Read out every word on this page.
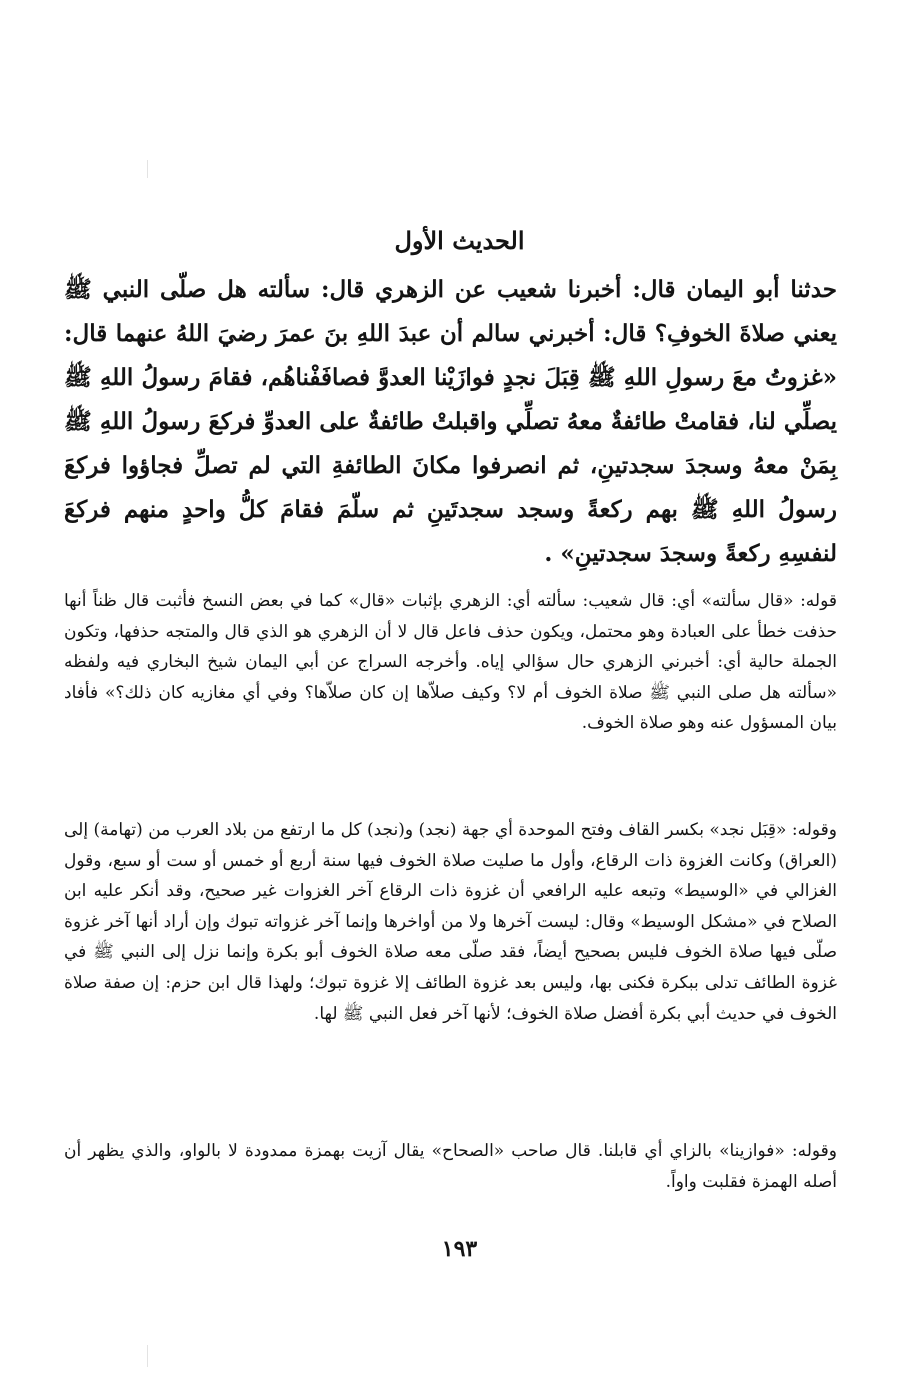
الحديث الأول

حدثنا أبو اليمان قال: أخبرنا شعيب عن الزهري قال: سألته هل صلّى النبي ﷺ يعني صلاةَ الخوفِ؟ قال: أخبرني سالم أن عبدَ اللهِ بنَ عمرَ رضيَ اللهُ عنهما قال: «غزوتُ معَ رسولِ اللهِ ﷺ قِبَلَ نجدٍ فوازَيْنا العدوَّ فصافَفْناهُم، فقامَ رسولُ اللهِ ﷺ يصلِّي لنا، فقامتْ طائفةٌ معهُ تصلِّي واقبلتْ طائفةٌ على العدوِّ فركعَ رسولُ اللهِ ﷺ بِمَنْ معهُ وسجدَ سجدتينِ، ثم انصرفوا مكانَ الطائفةِ التي لم تصلِّ فجاؤوا فركعَ رسولُ اللهِ ﷺ بهم ركعةً وسجد سجدتَينِ ثم سلّمَ فقامَ كلُّ واحدٍ منهم فركعَ لنفسِهِ ركعةً وسجدَ سجدتينِ» .

قوله: «قال سألته» أي: قال شعيب: سألته أي: الزهري بإثبات «قال» كما في بعض النسخ فأثبت قال ظناً أنها حذفت خطأ على العبادة وهو محتمل، ويكون حذف فاعل قال لا أن الزهري هو الذي قال والمتجه حذفها، وتكون الجملة حالية أي: أخبرني الزهري حال سؤالي إياه. وأخرجه السراج عن أبي اليمان شيخ البخاري فيه ولفظه «سألته هل صلى النبي ﷺ صلاة الخوف أم لا؟ وكيف صلاّها إن كان صلاّها؟ وفي أي مغازيه كان ذلك؟» فأفاد بيان المسؤول عنه وهو صلاة الخوف.

وقوله: «قِبَل نجد» بكسر القاف وفتح الموحدة أي جهة (نجد) و(نجد) كل ما ارتفع من بلاد العرب من (تهامة) إلى (العراق) وكانت الغزوة ذات الرقاع، وأول ما صليت صلاة الخوف فيها سنة أربع أو خمس أو ست أو سبع، وقول الغزالي في «الوسيط» وتبعه عليه الرافعي أن غزوة ذات الرقاع آخر الغزوات غير صحيح، وقد أنكر عليه ابن الصلاح في «مشكل الوسيط» وقال: ليست آخرها ولا من أواخرها وإنما آخر غزواته تبوك وإن أراد أنها آخر غزوة صلّى فيها صلاة الخوف فليس بصحيح أيضاً، فقد صلّى معه صلاة الخوف أبو بكرة وإنما نزل إلى النبي ﷺ في غزوة الطائف تدلى ببكرة فكنى بها، وليس بعد غزوة الطائف إلا غزوة تبوك؛ ولهذا قال ابن حزم: إن صفة صلاة الخوف في حديث أبي بكرة أفضل صلاة الخوف؛ لأنها آخر فعل النبي ﷺ لها.

وقوله: «فوازينا» بالزاي أي قابلنا. قال صاحب «الصحاح» يقال آزيت بهمزة ممدودة لا بالواو، والذي يظهر أن أصله الهمزة فقلبت واواً.

١٩٣
